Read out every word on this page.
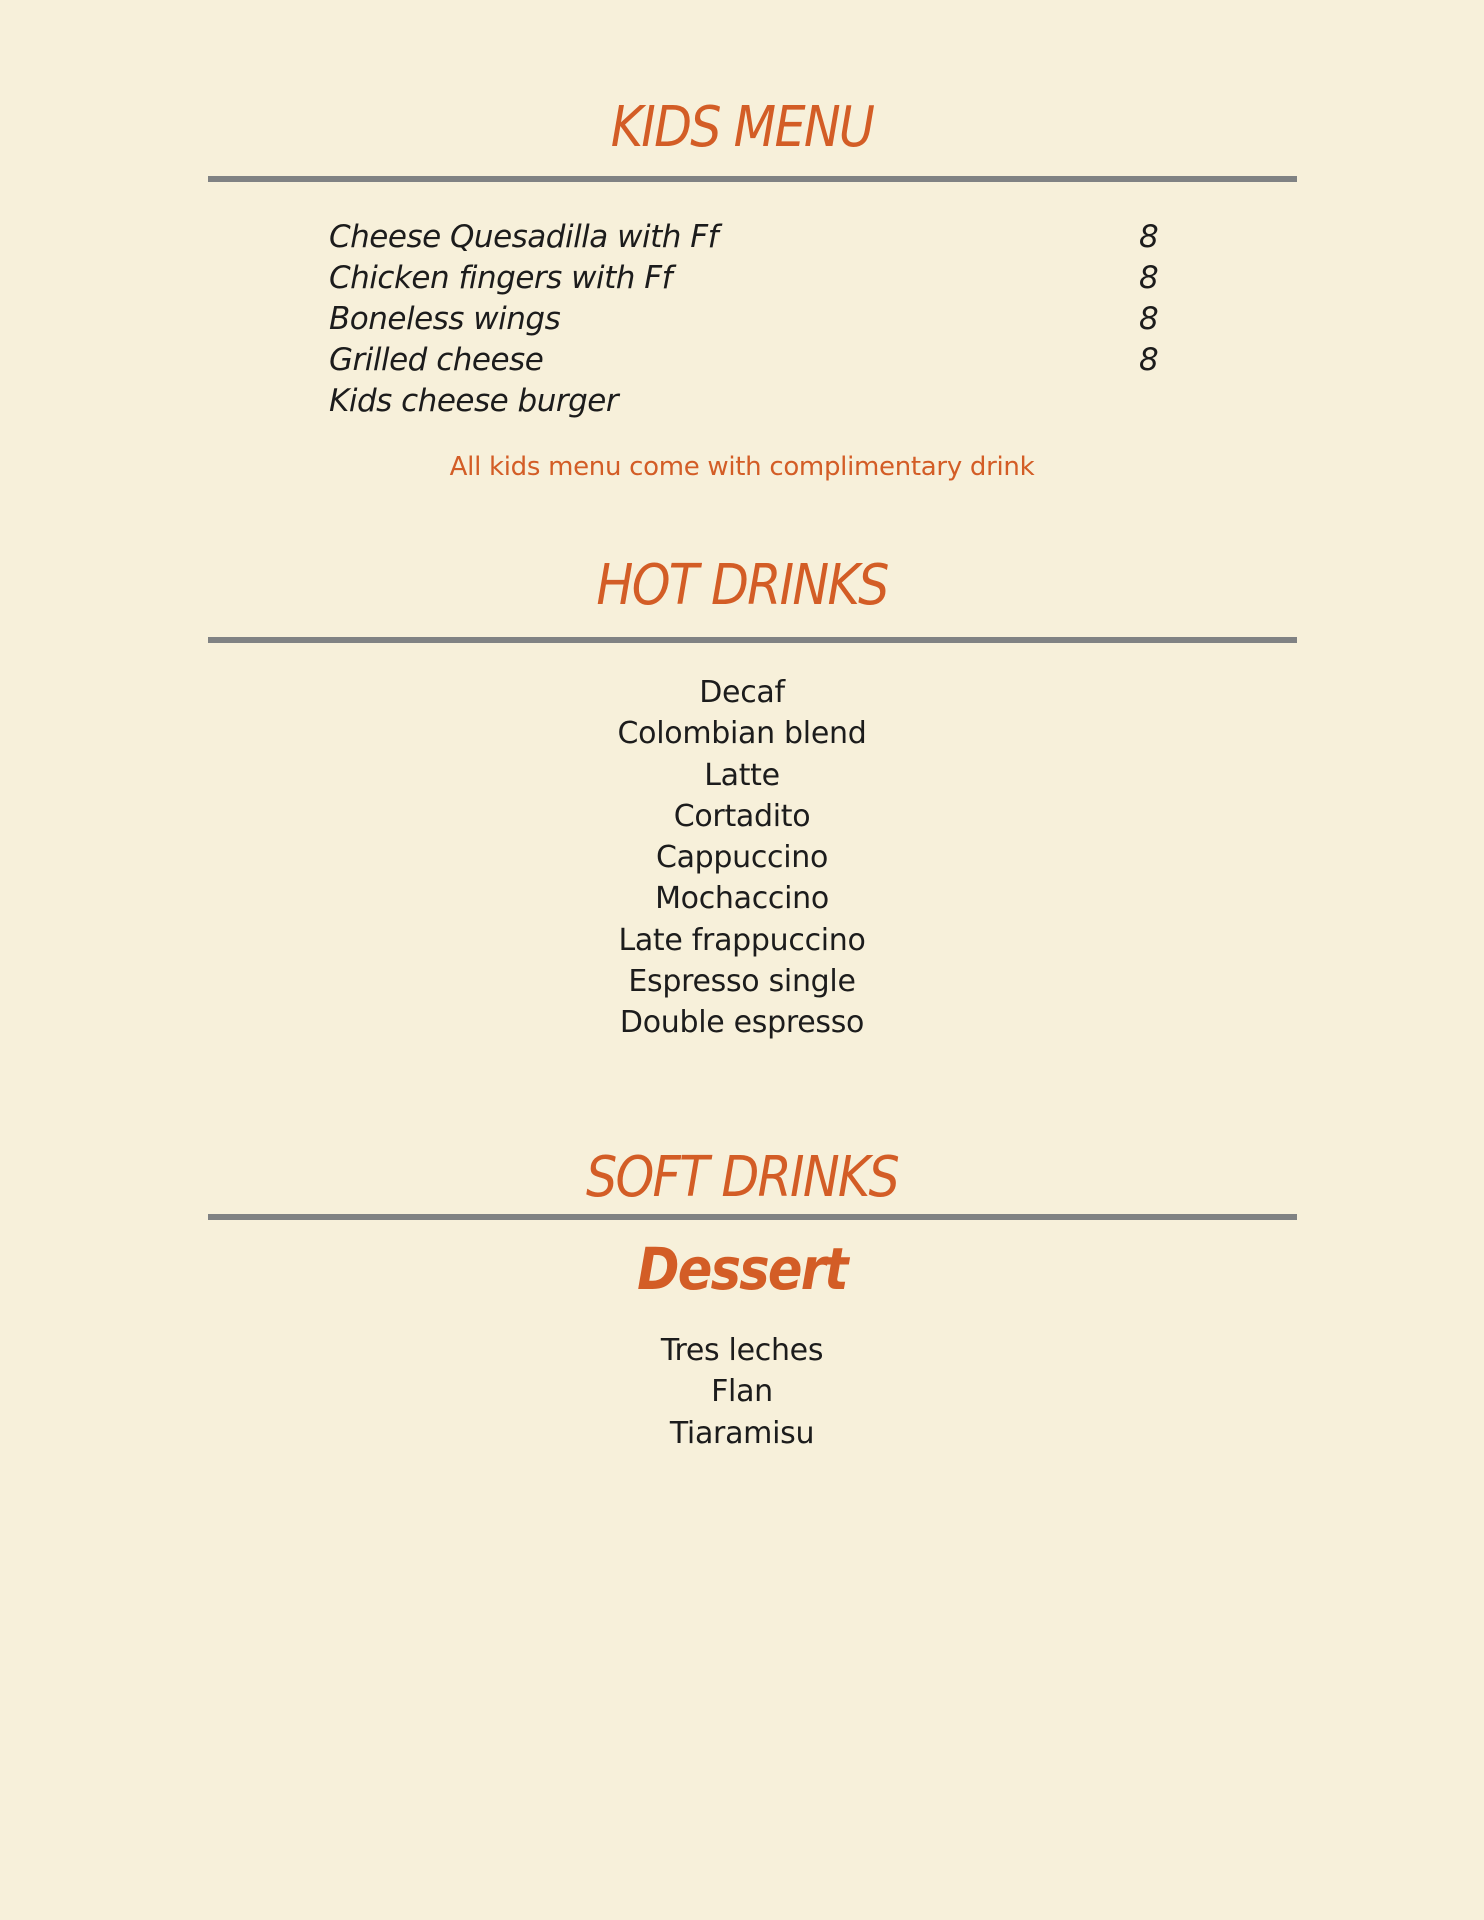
KIDS MENU
Cheese Quesadilla with Ff	8
Chicken fingers with Ff	8
Boneless wings	8
Grilled cheese	8
Kids cheese burger
All kids menu come with complimentary drink
HOT DRINKS
Decaf
Colombian blend
Latte
Cortadito
Cappuccino
Mochaccino
Late frappuccino
Espresso single
Double espresso
SOFT DRINKS
Dessert
Tres leches
Flan
Tiaramisu
